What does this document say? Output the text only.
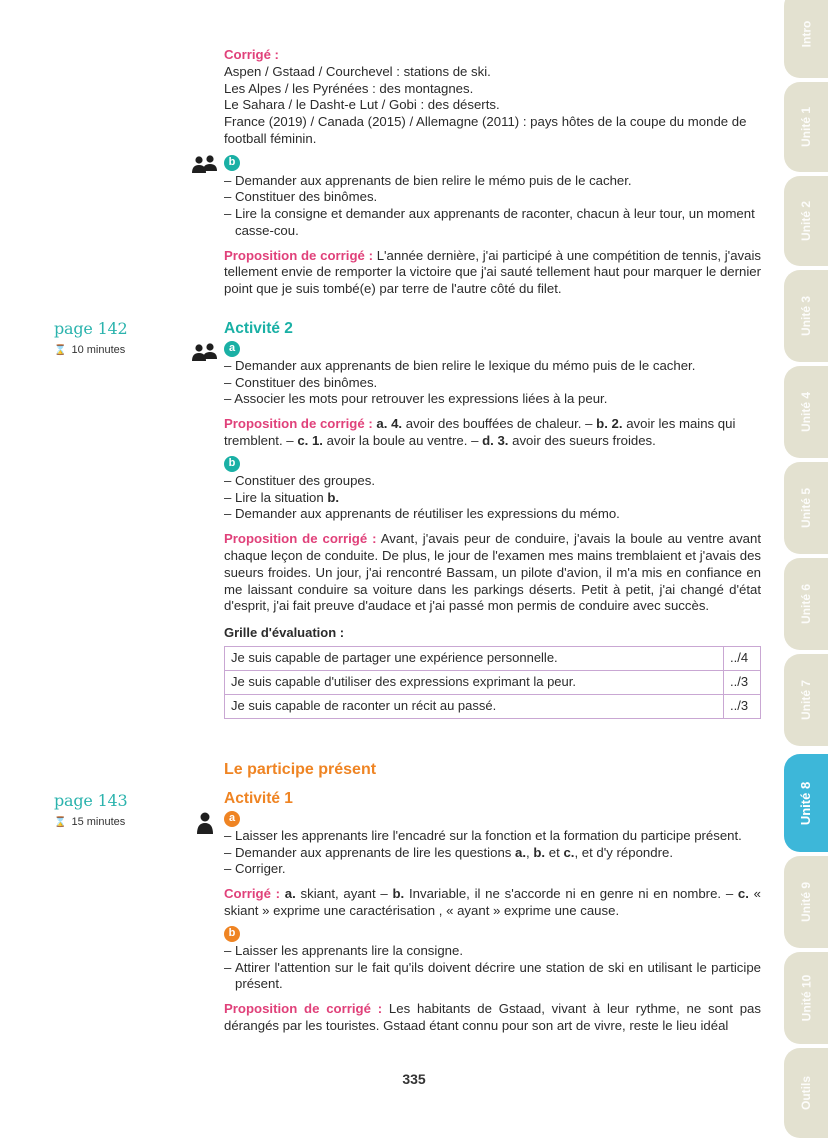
Corrigé :
Aspen / Gstaad / Courchevel : stations de ski.
Les Alpes / les Pyrénées : des montagnes.
Le Sahara / le Dasht-e Lut / Gobi : des déserts.
France (2019) / Canada (2015) / Allemagne (2011) : pays hôtes de la coupe du monde de football féminin.
b
– Demander aux apprenants de bien relire le mémo puis de le cacher.
– Constituer des binômes.
– Lire la consigne et demander aux apprenants de raconter, chacun à leur tour, un moment casse-cou.

Proposition de corrigé : L'année dernière, j'ai participé à une compétition de tennis, j'avais tellement envie de remporter la victoire que j'ai sauté tellement haut pour marquer le dernier point que je suis tombé(e) par terre de l'autre côté du filet.

page 142
⌛ 10 minutes
Activité 2
a
– Demander aux apprenants de bien relire le lexique du mémo puis de le cacher.
– Constituer des binômes.
– Associer les mots pour retrouver les expressions liées à la peur.

Proposition de corrigé : a. 4. avoir des bouffées de chaleur. – b. 2. avoir les mains qui tremblent. – c. 1. avoir la boule au ventre. – d. 3. avoir des sueurs froides.

b
– Constituer des groupes.
– Lire la situation b.
– Demander aux apprenants de réutiliser les expressions du mémo.

Proposition de corrigé : Avant, j'avais peur de conduire, j'avais la boule au ventre avant chaque leçon de conduite. De plus, le jour de l'examen mes mains tremblaient et j'avais des sueurs froides. Un jour, j'ai rencontré Bassam, un pilote d'avion, il m'a mis en confiance en me laissant conduire sa voiture dans les parkings déserts. Petit à petit, j'ai changé d'état d'esprit, j'ai fait preuve d'audace et j'ai passé mon permis de conduire avec succès.

Grille d'évaluation :
Je suis capable de partager une expérience personnelle.	../4
Je suis capable d'utiliser des expressions exprimant la peur.	../3
Je suis capable de raconter un récit au passé.	../3
Le participe présent
page 143
⌛ 15 minutes
Activité 1
a
– Laisser les apprenants lire l'encadré sur la fonction et la formation du participe présent.
– Demander aux apprenants de lire les questions a., b. et c., et d'y répondre.
– Corriger.

Corrigé : a. skiant, ayant – b. Invariable, il ne s'accorde ni en genre ni en nombre. – c. « skiant » exprime une caractérisation , « ayant » exprime une cause.

b
– Laisser les apprenants lire la consigne.
– Attirer l'attention sur le fait qu'ils doivent décrire une station de ski en utilisant le participe présent.

Proposition de corrigé : Les habitants de Gstaad, vivant à leur rythme, ne sont pas dérangés par les touristes. Gstaad étant connu pour son art de vivre, reste le lieu idéal

335
Intro
Unité 1
Unité 2
Unité 3
Unité 4
Unité 5
Unité 6
Unité 7
Unité 8
Unité 9
Unité 10
Outils
